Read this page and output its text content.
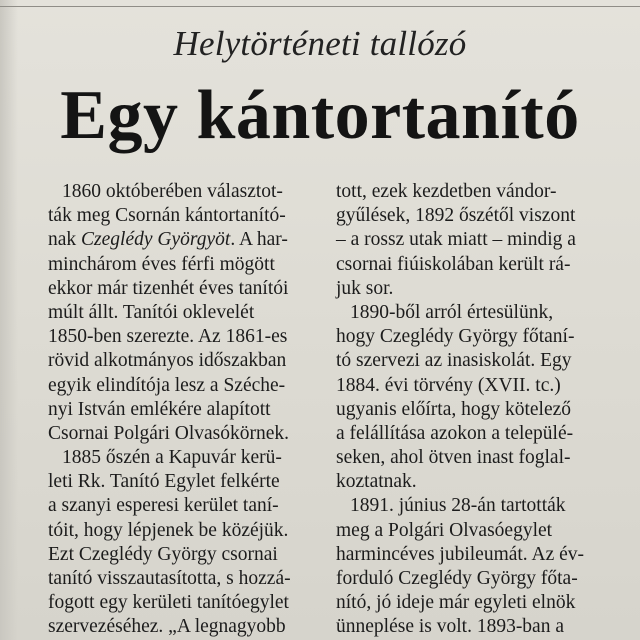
Helytörténeti tallózó
Egy kántortanító
1860 októberében választot-
ták meg Csornán kántortanító-
nak Czeglédy Györgyöt. A har-
minchárom éves férfi mögött
ekkor már tizenhét éves tanítói
múlt állt. Tanítói oklevelét
1850-ben szerezte. Az 1861-es
rövid alkotmányos időszakban
egyik elindítója lesz a Széche-
nyi István emlékére alapított
Csornai Polgári Olvasókörnek.
1885 őszén a Kapuvár kerü-
leti Rk. Tanító Egylet felkérte
a szanyi esperesi kerület taní-
tóit, hogy lépjenek be közéjük.
Ezt Czeglédy György csornai
tanító visszautasította, s hozzá-
fogott egy kerületi tanítóegylet
szervezéséhez. „A legnagyobb
tott, ezek kezdetben vándor-
gyűlések, 1892 őszétől viszont
– a rossz utak miatt – mindig a
csornai fiúiskolában került rá-
juk sor.
1890-ből arról értesülünk,
hogy Czeglédy György főtaní-
tó szervezi az inasiskolát. Egy
1884. évi törvény (XVII. tc.)
ugyanis előírta, hogy kötelező
a felállítása azokon a települé-
seken, ahol ötven inast foglal-
koztatnak.
1891. június 28-án tartották
meg a Polgári Olvasóegylet
harmincéves jubileumát. Az év-
forduló Czeglédy György főta-
nító, jó ideje már egyleti elnök
ünneplése is volt. 1893-ban a
